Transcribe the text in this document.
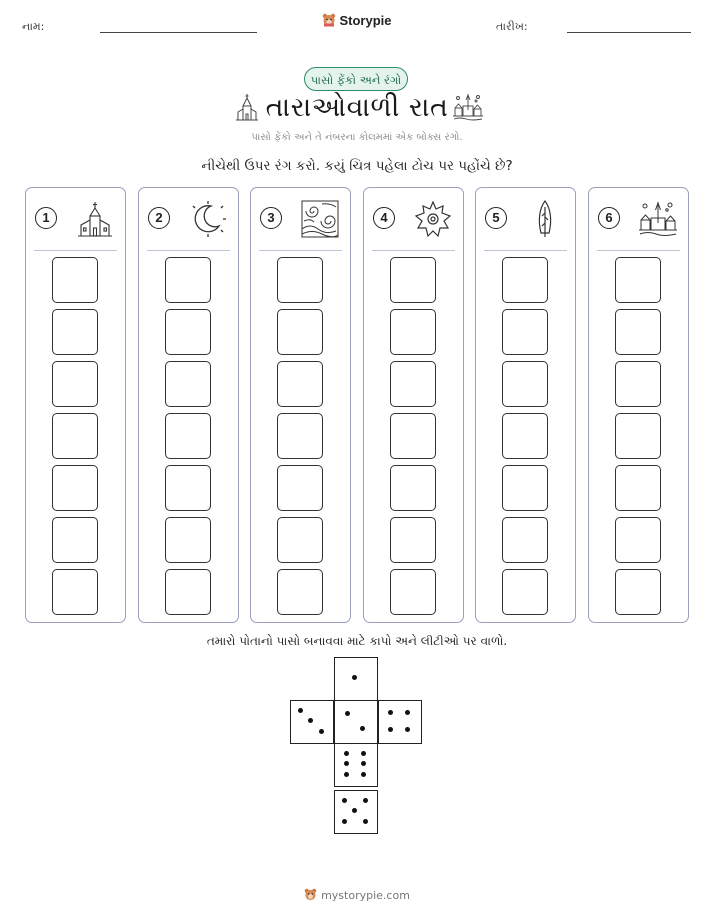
નામ:	Storypie	તારીખ:
પાસો ફેંકો અને રંગો
તારાઓવાળી રાત
પાસો ફેંકો અને તે નંબરના કોલમમાં એક બોક્સ રંગો.
નીચેથી ઉપર રંગ કરો. કયું ચિત્ર પહેલા ટોચ પર પહોંચે છે?
1	2	3	4	5	6
તમારો પોતાનો પાસો બનાવવા માટે કાપો અને લીટીઓ પર વાળો.
mystorypie.com
